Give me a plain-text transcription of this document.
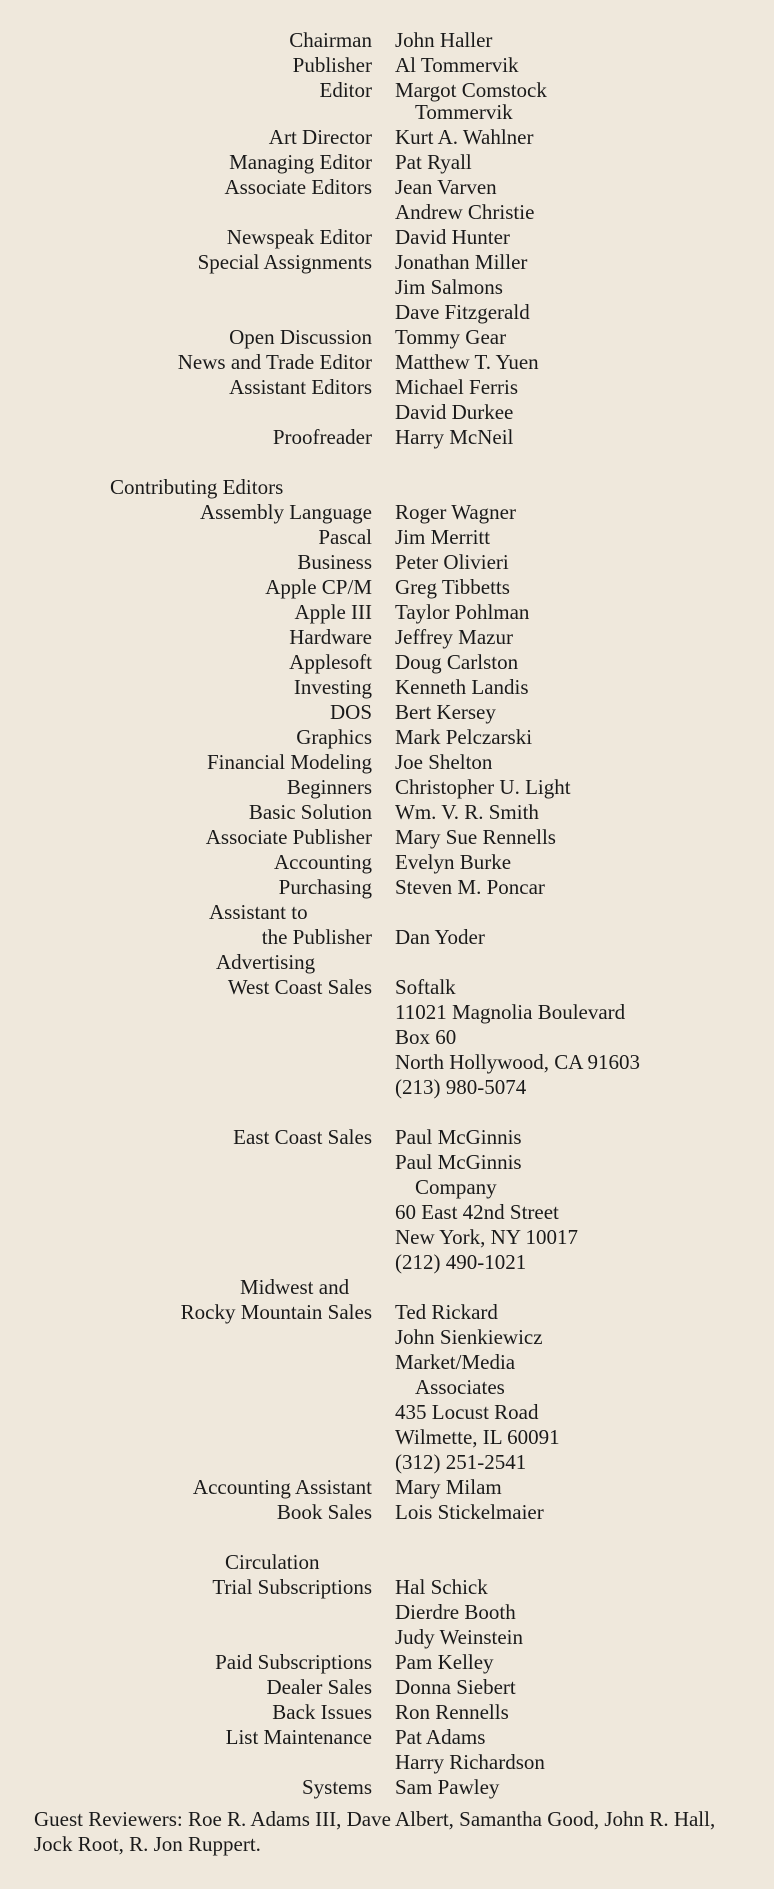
Chairman John Haller
Publisher Al Tommervik
Editor Margot Comstock
Tommervik
Art Director Kurt A. Wahlner
Managing Editor Pat Ryall
Associate Editors Jean Varven
Andrew Christie
Newspeak Editor David Hunter
Special Assignments Jonathan Miller
Jim Salmons
Dave Fitzgerald
Open Discussion Tommy Gear
News and Trade Editor Matthew T. Yuen
Assistant Editors Michael Ferris
David Durkee
Proofreader Harry McNeil
Contributing Editors
Assembly Language Roger Wagner
Pascal Jim Merritt
Business Peter Olivieri
Apple CP/M Greg Tibbetts
Apple III Taylor Pohlman
Hardware Jeffrey Mazur
Applesoft Doug Carlston
Investing Kenneth Landis
DOS Bert Kersey
Graphics Mark Pelczarski
Financial Modeling Joe Shelton
Beginners Christopher U. Light
Basic Solution Wm. V. R. Smith
Associate Publisher Mary Sue Rennells
Accounting Evelyn Burke
Purchasing Steven M. Poncar
Assistant to
the Publisher Dan Yoder
Advertising
West Coast Sales Softalk
11021 Magnolia Boulevard
Box 60
North Hollywood, CA 91603
(213) 980-5074
East Coast Sales Paul McGinnis
Paul McGinnis
Company
60 East 42nd Street
New York, NY 10017
(212) 490-1021
Midwest and
Rocky Mountain Sales Ted Rickard
John Sienkiewicz
Market/Media
Associates
435 Locust Road
Wilmette, IL 60091
(312) 251-2541
Accounting Assistant Mary Milam
Book Sales Lois Stickelmaier
Circulation
Trial Subscriptions Hal Schick
Dierdre Booth
Judy Weinstein
Paid Subscriptions Pam Kelley
Dealer Sales Donna Siebert
Back Issues Ron Rennells
List Maintenance Pat Adams
Harry Richardson
Systems Sam Pawley
Guest Reviewers: Roe R. Adams III, Dave Albert, Samantha Good, John R. Hall, Jock Root, R. Jon Ruppert.
